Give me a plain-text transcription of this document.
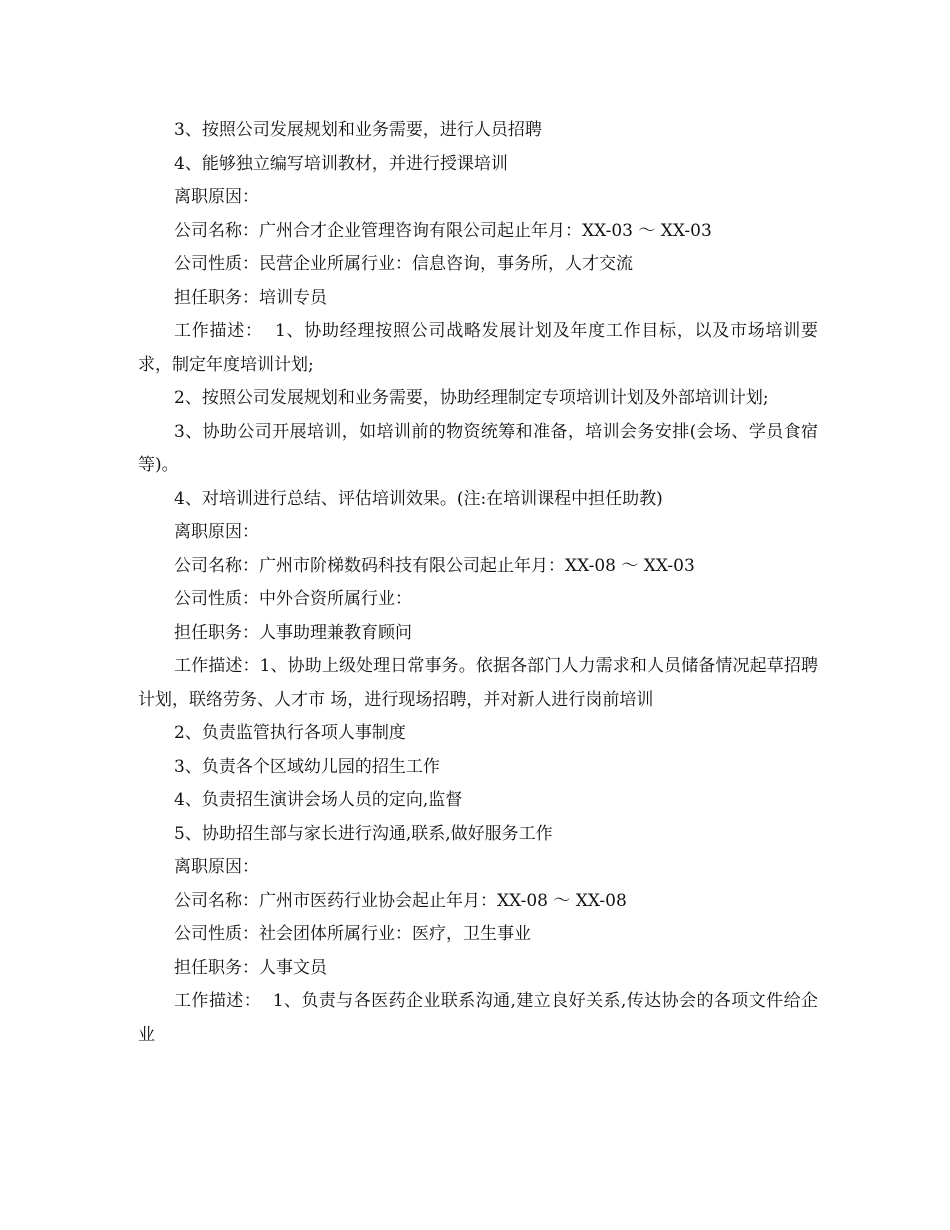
3、按照公司发展规划和业务需要，进行人员招聘

4、能够独立编写培训教材，并进行授课培训

离职原因：

公司名称：广州合才企业管理咨询有限公司起止年月：XX-03 ～ XX-03

公司性质：民营企业所属行业：信息咨询，事务所，人才交流

担任职务：培训专员

工作描述：  1、协助经理按照公司战略发展计划及年度工作目标，以及市场培训要求，制定年度培训计划;

2、按照公司发展规划和业务需要，协助经理制定专项培训计划及外部培训计划;

3、协助公司开展培训，如培训前的物资统筹和准备，培训会务安排(会场、学员食宿等)。

4、对培训进行总结、评估培训效果。(注:在培训课程中担任助教)

离职原因：

公司名称：广州市阶梯数码科技有限公司起止年月：XX-08 ～ XX-03

公司性质：中外合资所属行业：

担任职务：人事助理兼教育顾问

工作描述：1、协助上级处理日常事务。依据各部门人力需求和人员储备情况起草招聘计划，联络劳务、人才市 场，进行现场招聘，并对新人进行岗前培训

2、负责监管执行各项人事制度

3、负责各个区域幼儿园的招生工作

4、负责招生演讲会场人员的定向,监督

5、协助招生部与家长进行沟通,联系,做好服务工作

离职原因：

公司名称：广州市医药行业协会起止年月：XX-08 ～ XX-08

公司性质：社会团体所属行业：医疗，卫生事业

担任职务：人事文员

工作描述：  1、负责与各医药企业联系沟通,建立良好关系,传达协会的各项文件给企业
